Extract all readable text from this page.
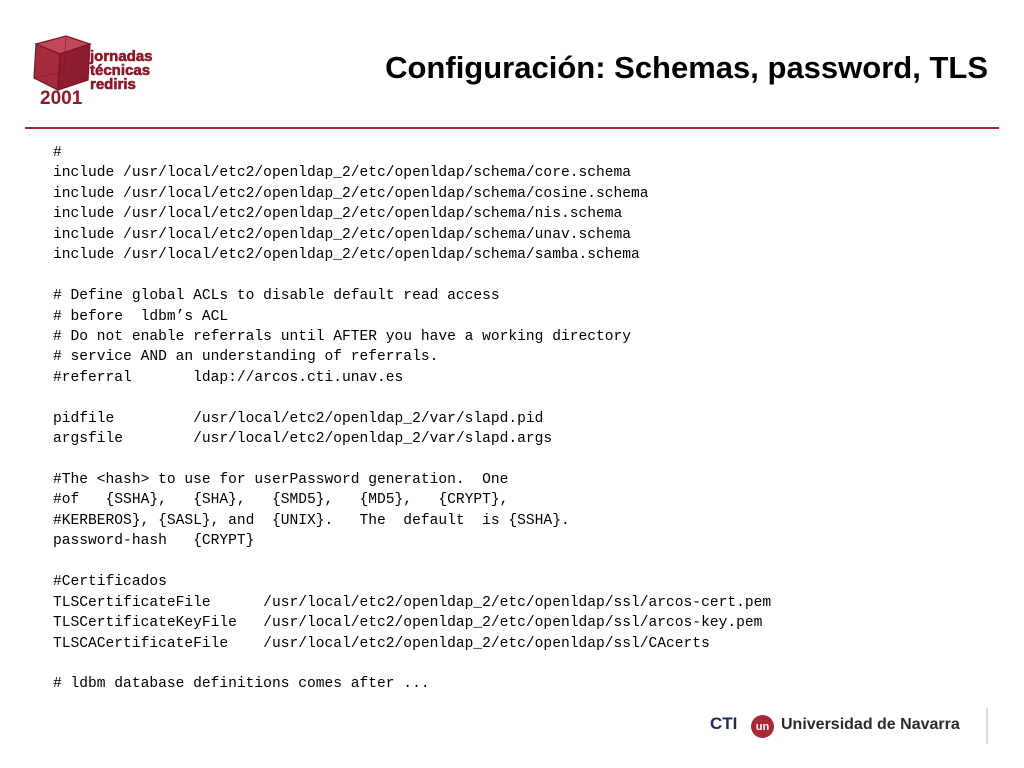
jornadas
técnicas
rediris
2001
Configuración: Schemas, password, TLS
#
include /usr/local/etc2/openldap_2/etc/openldap/schema/core.schema
include /usr/local/etc2/openldap_2/etc/openldap/schema/cosine.schema
include /usr/local/etc2/openldap_2/etc/openldap/schema/nis.schema
include /usr/local/etc2/openldap_2/etc/openldap/schema/unav.schema
include /usr/local/etc2/openldap_2/etc/openldap/schema/samba.schema
# Define global ACLs to disable default read access
# before  ldbm’s ACL
# Do not enable referrals until AFTER you have a working directory
# service AND an understanding of referrals.
#referral       ldap://arcos.cti.unav.es
pidfile         /usr/local/etc2/openldap_2/var/slapd.pid
argsfile        /usr/local/etc2/openldap_2/var/slapd.args
#The <hash> to use for userPassword generation.  One
#of   {SSHA},   {SHA},   {SMD5},   {MD5},   {CRYPT},
#KERBEROS}, {SASL}, and  {UNIX}.   The  default  is {SSHA}.
password-hash   {CRYPT}
#Certificados
TLSCertificateFile      /usr/local/etc2/openldap_2/etc/openldap/ssl/arcos-cert.pem
TLSCertificateKeyFile   /usr/local/etc2/openldap_2/etc/openldap/ssl/arcos-key.pem
TLSCACertificateFile    /usr/local/etc2/openldap_2/etc/openldap/ssl/CAcerts
# ldbm database definitions comes after ...
CTI	un Universidad de Navarra
